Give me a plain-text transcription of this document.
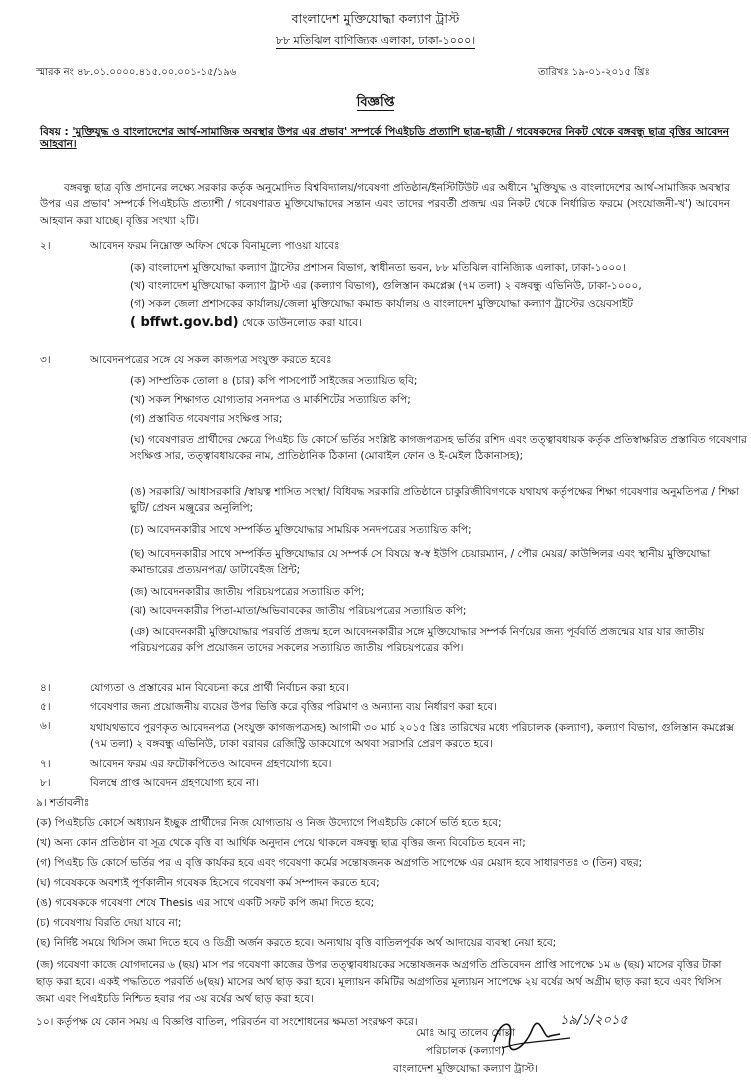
বাংলাদেশ মুক্তিযোদ্ধা কল্যাণ ট্রাস্ট
৮৮ মতিঝিল বাণিজ্যিক এলাকা, ঢাকা-১০০০।
স্মারক নং ৪৮.০১.০০০০.৪১৫.০০.০০১-১৫/১৯৬	তারিখঃ ১৯-০১-২০১৫ খ্রিঃ
বিজ্ঞপ্তি
বিষয় : 'মুক্তিযুদ্ধ ও বাংলাদেশের আর্থ-সামাজিক অবস্থার উপর এর প্রভাব' সম্পর্কে পিএইচডি প্রত্যাশি ছাত্র-ছাত্রী / গবেষকদের নিকট থেকে বঙ্গবন্ধু ছাত্র বৃত্তির আবেদন আহবান।
বঙ্গবন্ধু ছাত্র বৃত্তি প্রদানের লক্ষ্যে সরকার কর্তৃক অনুমোদিত বিশ্ববিদ্যালয়/গবেষণা প্রতিষ্ঠান/ইনস্টিটিউট এর অধীনে 'মুক্তিযুদ্ধ ও বাংলাদেশের আর্থ-সামাজিক অবস্থার উপর এর প্রভাব' সম্পর্কে পিএইচডি প্রত্যাশী / গবেষণারত মুক্তিযোদ্ধাদের সন্তান এবং তাদের পরবর্তী প্রজন্ম এর নিকট থেকে নির্ধারিত ফরমে (সংযোজনী-খ') আবেদন আহবান করা যাচ্ছে। বৃত্তির সংখ্যা ২টি।
২।	আবেদন ফরম নিম্নোক্ত অফিস থেকে বিনামূল্যে পাওয়া যাবেঃ
(ক) বাংলাদেশ মুক্তিযোদ্ধা কল্যাণ ট্রাস্টের প্রশাসন বিভাগ, স্বাধীনতা ভবন, ৮৮ মতিঝিল বানিজ্যিক এলাকা, ঢাকা-১০০০।
(খ) বাংলাদেশ মুক্তিযোদ্ধা কল্যাণ ট্রাস্ট এর (কল্যাণ বিভাগ), গুলিস্তান কমপ্লেক্স (৭ম তলা) ২ বঙ্গবন্ধু এভিনিউ, ঢাকা-১০০০,
(গ) সকল জেলা প্রশাসকের কার্যালয়/জেলা মুক্তিযোদ্ধা কমান্ড কার্যালয় ও বাংলাদেশ মুক্তিযোদ্ধা কল্যাণ ট্রাস্টের ওয়েবসাইট
( bffwt.gov.bd) থেকে ডাউনলোড করা যাবে।
৩।	আবেদনপত্রের সঙ্গে যে সকল কাজপত্র সংযুক্ত করতে হবেঃ
(ক) সাম্প্রতিক তোলা ৪ (চার) কপি পাসপোর্ট সাইজের সত্যায়িত ছবি;
(খ) সকল শিক্ষাগত যোগ্যতার সনদপত্র ও মার্কশিটের সত্যায়িত কপি;
(গ) প্রস্তাবিত গবেষণার সংক্ষিপ্ত সার;
(ঘ) গবেষণারত প্রার্থীদের ক্ষেত্রে পিএইচ ডি কোর্সে ভর্তির সংশ্লিষ্ট কাগজপত্রসহ ভর্তির রশিদ এবং তত্ত্বাবধায়ক কর্তৃক প্রতিস্বাক্ষরিত প্রস্তাবিত গবেষণার সংক্ষিপ্ত সার, তত্ত্বাবধায়কের নাম, প্রাতিষ্ঠানিক ঠিকানা (মোবাইল ফোন ও ই-মেইল ঠিকানাসহ);
(ঙ) সরকারি/ আধাসরকারি /স্বায়ত্ব শাসিত সংস্থা/ বিধিবদ্ধ সরকারি প্রতিষ্ঠানে চাকুরিজীবিগণকে যথাযথ কর্তৃপক্ষের শিক্ষা গবেষণার অনুমতিপত্র / শিক্ষা ছুটি/ প্রেষন মঞ্জুরের অনুলিপি;
(চ) আবেদনকারীর সাথে সম্পর্কিত মুক্তিযোদ্ধার সাময়িক সনদপত্রের সত্যায়িত কপি;
(ছ) আবেদনকারীর সাথে সম্পর্কিত মুক্তিযোদ্ধার যে সম্পর্ক সে বিষয়ে স্ব-স্ব ইউপি চেয়ারম্যান, / পৌর মেয়র/ কাউন্সিলর এবং স্থানীয় মুক্তিযোদ্ধা কমান্ডারের প্রত্যয়নপত্র/ ডাটাবেইজ প্রিন্ট;
(জ) আবেদনকারীর জাতীয় পরিচয়পত্রের সত্যায়িত কপি;
(ঝ) আবেদনকারীর পিতা-মাতা/অভিবাবকের জাতীয় পরিচয়পত্রের সত্যায়িত কপি;
(ঞ) আবেদনকারী মুক্তিযোদ্ধার পরবর্তি প্রজন্ম হলে আবেদনকারীর সঙ্গে মুক্তিযোদ্ধার সম্পর্ক নির্ণয়ের জন্য পূর্ববর্তি প্রজন্মের যার যার জাতীয় পরিচয়পত্রের কপি প্রয়োজন তাদের সকলের সত্যায়িত জাতীয় পরিচয়পত্রের কপি।
৪।	যোগ্যতা ও প্রস্তাবের মান বিবেচনা করে প্রার্থী নির্বাচন করা হবে।
৫।	গবেষণার জন্য প্রয়োজনীয় ব্যয়ের উপর ভিত্তি করে বৃত্তির পরিমাণ ও অন্যান্য ব্যয় নির্ধারণ করা হবে।
৬।	যথাযথভাবে পুরণকৃত আবেদনপত্র (সংযুক্ত কাগজপত্রসহ) আগামী ৩০ মার্চ ২০১৫ খ্রিঃ তারিখের মধ্যে পরিচালক (কল্যাণ), কল্যাণ বিভাগ, গুলিস্তান কমপ্লেক্স (৭ম তলা) ২ বঙ্গবন্ধু এভিনিউ, ঢাকা বরাবর রেজিস্ট্রি ডাকযোগে অথবা সরাসরি প্রেরণ করতে হবে।
৭।	আবেদন ফরম এর ফটোকপিতেও আবেদন গ্রহণযোগ্য হবে।
৮।	বিলম্বে প্রাপ্ত আবেদন গ্রহণযোগ্য হবে না।
৯। শর্তাবলীঃ
(ক) পিএইচডি কোর্সে অধ্যায়ন ইচ্ছুক প্রার্থীদের নিজ যোগ্যতায় ও নিজ উদ্যোগে পিএইচডি কোর্সে ভর্তি হতে হবে;
(খ) অন্য কোন প্রতিষ্ঠান বা সূত্র থেকে বৃত্তি বা আর্থিক অনুদান পেয়ে থাকলে বঙ্গবন্ধু ছাত্র বৃত্তির জন্য বিবেচিত হবেন না;
(গ) পিএইচ ডি কোর্সে ভর্তির পর এ বৃত্তি কার্যকর হবে এবং গবেষণা কর্মের সন্তোষজনক অগ্রগতি সাপেক্ষে এর মেয়াদ হবে সাধারণতঃ ৩ (তিন) বছর;
(ঘ) গবেষককে অবশ্যই পূর্ণকালীন গবেষক হিসেবে গবেষণা কর্ম সম্পাদন করতে হবে;
(ঙ) গবেষককে গবেষণা শেষে Thesis এর সাথে একটি সফট কপি জমা দিতে হবে;
(চ) গবেষণায় বিরতি দেয়া যাবে না;
(ছ) নির্দিষ্ট সময়ে থিসিস জমা দিতে হবে ও ডিগ্রী অর্জন করতে হবে। অন্যথায় বৃত্তি বাতিলপূর্বক অর্থ আদায়ের ব্যবস্থা নেয়া হবে;
(জ) গবেষণা কাজে যোগদানের ৬ (ছয়) মাস পর গবেষণা কাজের উপর তত্ত্বাবধায়কের সন্তোষজনক অগ্রগতি প্রতিবেদন প্রাপ্তি সাপেক্ষে ১ম ৬ (ছয়) মাসের বৃত্তির টাকা ছাড় করা হবে। একই পদ্ধতিতে পরবর্তি ৬(ছয়) মাসের অর্থ ছাড় করা হবে। মূল্যায়ন কমিটির অগ্রগতির মূল্যায়ন সাপেক্ষে ২য় বর্ষের অর্থ অগ্রীম ছাড় করা হবে এবং থিসিস জমা এবং পিএইচডি নিশ্চিত হবার পর ৩য় বর্ষের অর্থ ছাড় করা হবে।
১০। কর্তৃপক্ষ যে কোন সময় এ বিজ্ঞপ্তি বাতিল, পরিবর্তন বা সংশোধনের ক্ষমতা সংরক্ষণ করে।	১৯/১/২০১৫
মোঃ আবু তালেব মোল্লা
পরিচালক (কল্যাণ)
বাংলাদেশ মুক্তিযোদ্ধা কল্যাণ ট্রাস্ট।
